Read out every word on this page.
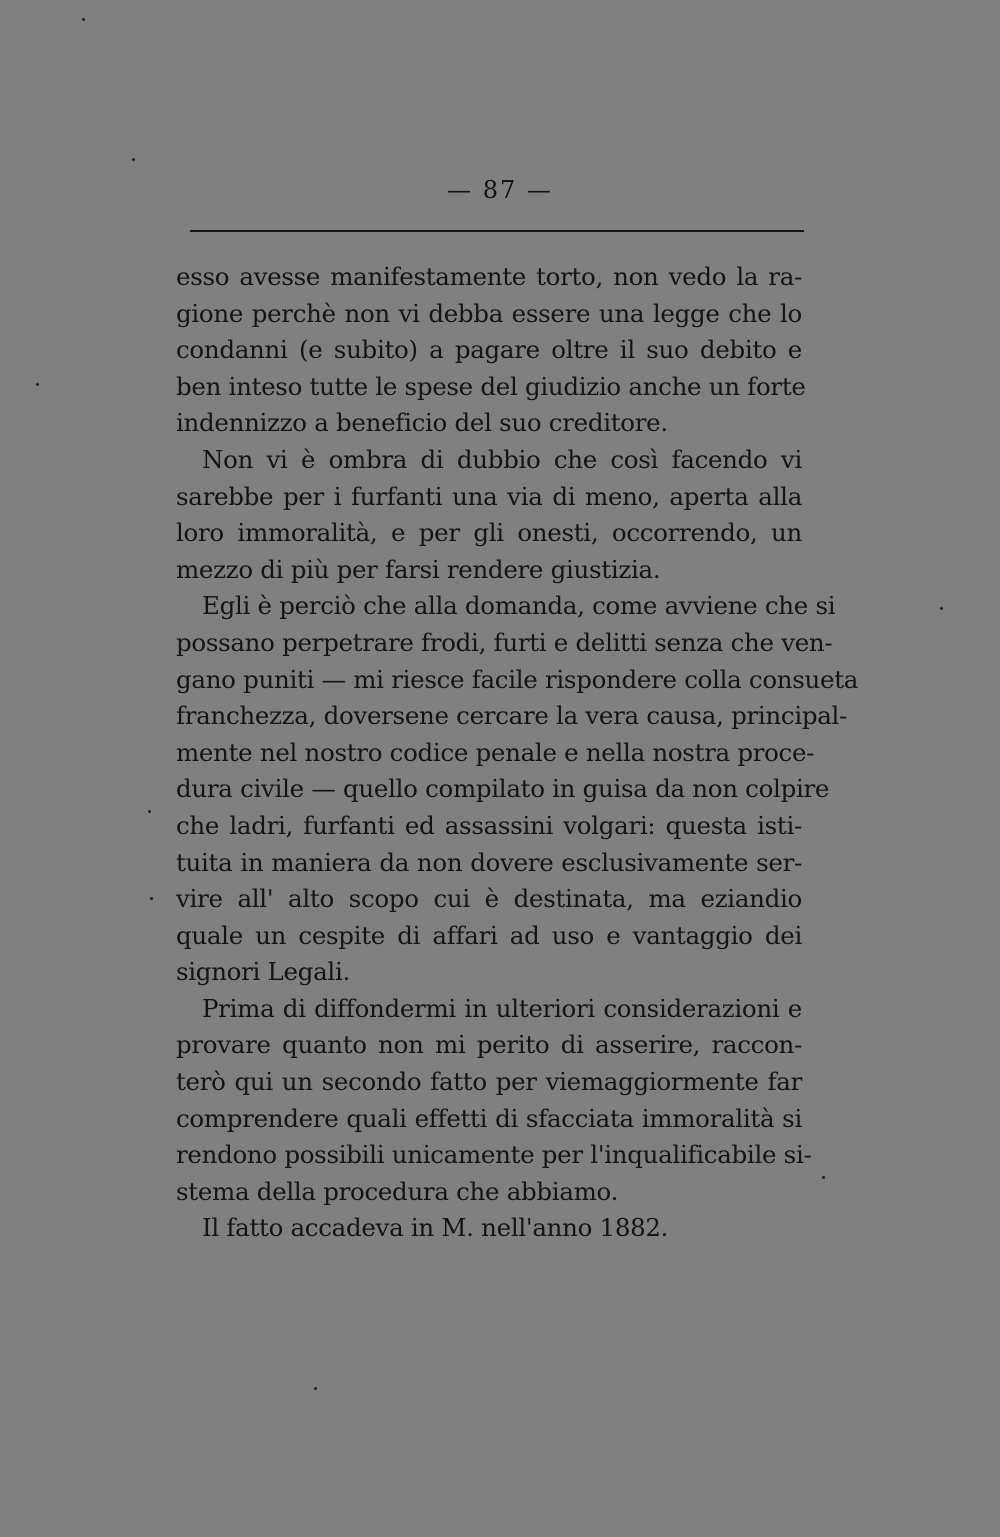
— 87 —
esso avesse manifestamente torto, non vedo la ra-
gione perchè non vi debba essere una legge che lo
condanni (e subito) a pagare oltre il suo debito e
ben inteso tutte le spese del giudizio anche un forte
indennizzo a beneficio del suo creditore.
Non vi è ombra di dubbio che così facendo vi
sarebbe per i furfanti una via di meno, aperta alla
loro immoralità, e per gli onesti, occorrendo, un
mezzo di più per farsi rendere giustizia.
Egli è perciò che alla domanda, come avviene che si
possano perpetrare frodi, furti e delitti senza che ven-
gano puniti — mi riesce facile rispondere colla consueta
franchezza, doversene cercare la vera causa, principal-
mente nel nostro codice penale e nella nostra proce-
dura civile — quello compilato in guisa da non colpire
che ladri, furfanti ed assassini volgari: questa isti-
tuita in maniera da non dovere esclusivamente ser-
vire all' alto scopo cui è destinata, ma eziandio
quale un cespite di affari ad uso e vantaggio dei
signori Legali.
Prima di diffondermi in ulteriori considerazioni e
provare quanto non mi perito di asserire, raccon-
terò qui un secondo fatto per viemaggiormente far
comprendere quali effetti di sfacciata immoralità si
rendono possibili unicamente per l'inqualificabile si-
stema della procedura che abbiamo.
Il fatto accadeva in M. nell'anno 1882.
